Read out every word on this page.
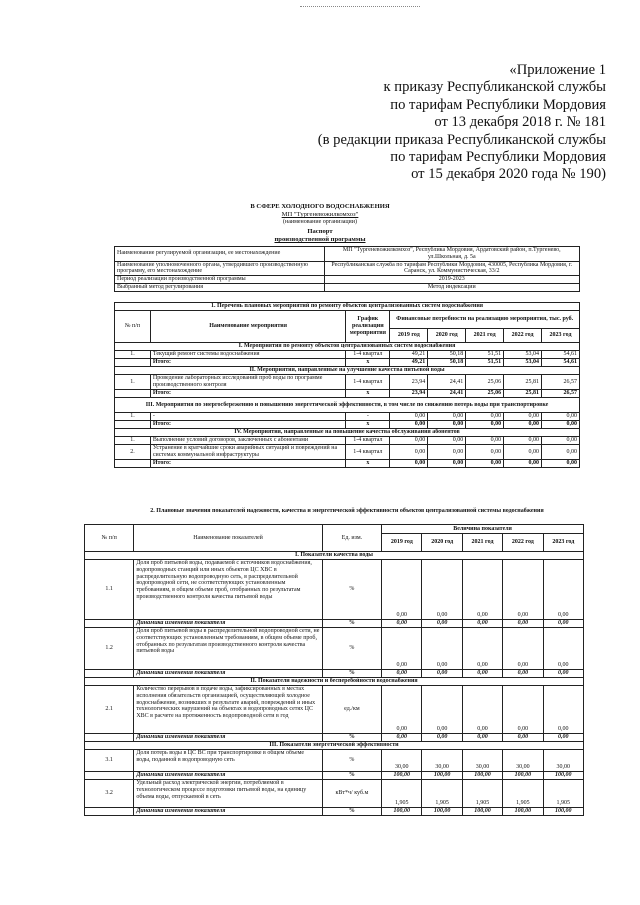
«Приложение 1
к приказу Республиканской службы
по тарифам Республики Мордовия
от 13 декабря 2018 г. № 181
(в редакции приказа Республиканской службы
по тарифам Республики Мордовия
от 15 декабря 2020 года № 190)
В СФЕРЕ ХОЛОДНОГО ВОДОСНАБЖЕНИЯ
МП "Тургеневожилкомхоз"
(наименование организации)
Паспорт
производственной программы
Наименование регулируемой организации, ее местонахождение	МП "Тургеневожилкомхоз", Республика Мордовия, Ардатовский район, п.Тургенево, ул.Школьная, д. 5а
Наименование уполномоченного органа, утвердившего производственную программу, его местонахождение	Республиканская служба по тарифам Республики Мордовия, 430005, Республика Мордовия, г. Саранск, ул. Коммунистическая, 33/2
Период реализации производственной программы	2019-2023
Выбранный метод регулирования	Метод индексации
1. Перечень плановых мероприятий по ремонту объектов централизованных систем водоснабжения							
№ п/п	Наименование мероприятия	График реализации мероприятия	Финансовые потребности на реализацию мероприятия, тыс. руб.				
			2019 год	2020 год	2021 год	2022 год	2023 год
I. Мероприятия по ремонту объектов централизованных систем водоснабжения							
1.	Текущий ремонт системы водоснабжения	1-4 квартал	49,21	50,18	51,51	53,04	54,61
	Итого:	х	49,21	50,18	51,51	53,04	54,61
II. Мероприятия, направленные на улучшение качества питьевой воды							
1.	Проведение лабораторных исследований проб воды по программе производственного контроля	1-4 квартал	23,94	24,41	25,06	25,81	26,57
	Итого:	х	23,94	24,41	25,06	25,81	26,57
III. Мероприятия по энергосбережению и повышению энергетической эффективности, в том числе по снижению потерь воды при транспортировке							
1.	-	-	0,00	0,00	0,00	0,00	0,00
	Итого:	х	0,00	0,00	0,00	0,00	0,00
IV. Мероприятия, направленные на повышение качества обслуживания абонентов							
1.	Выполнение условий договоров, заключенных с абонентами	1-4 квартал	0,00	0,00	0,00	0,00	0,00
2.	Устранение в кратчайшие сроки аварийных ситуаций и повреждений на системах коммунальной инфраструктуры	1-4 квартал	0,00	0,00	0,00	0,00	0,00
	Итого:	х	0,00	0,00	0,00	0,00	0,00
2. Плановые значения показателей надежности, качества и энергетической эффективности объектов централизованной системы водоснабжения
№ п/п	Наименование показателей	Ед. изм.	Величина показателя				
			2019 год	2020 год	2021 год	2022 год	2023 год
I. Показатели качества воды							
1.1	Доля проб питьевой воды, подаваемой с источников водоснабжения, водопроводных станций или иных объектов ЦС ХВС в распределительную водопроводную сеть, в распределительной водопроводной сети, не соответствующих установленным требованиям, в общем объеме проб, отобранных по результатам производственного контроля качества питьевой воды	%	0,00	0,00	0,00	0,00	0,00
	Динамика изменения показателя	%	0,00	0,00	0,00	0,00	0,00
1.2	Доля проб питьевой воды в распределительной водопроводной сети, не соответствующих установленным требованиям, в общем объеме проб, отобранных по результатам производственного контроля качества питьевой воды	%	0,00	0,00	0,00	0,00	0,00
	Динамика изменения показателя	%	0,00	0,00	0,00	0,00	0,00
II. Показатели надежности и бесперебойности водоснабжения							
2.1	Количество перерывов в подаче воды, зафиксированных в местах исполнения обязательств организацией, осуществляющей холодное водоснабжение, возникших в результате аварий, повреждений и иных технологических нарушений на объектах и водопроводных сетях ЦС ХВС в расчете на протяженность водопроводной сети в год	ед./км	0,00	0,00	0,00	0,00	0,00
	Динамика изменения показателя	%	0,00	0,00	0,00	0,00	0,00
III. Показатели энергетической эффективности							
3.1	Доля потерь воды в ЦС ВС при транспортировке в общем объеме воды, поданной в водопроводную сеть	%	30,00	30,00	30,00	30,00	30,00
	Динамика изменения показателя	%	100,00	100,00	100,00	100,00	100,00
3.2	Удельный расход электрической энергии, потребляемой в технологическом процессе подготовки питьевой воды, на единицу объема воды, отпускаемой в сеть	кВт*ч/ куб.м	1,905	1,905	1,905	1,905	1,905
	Динамика изменения показателя	%	100,00	100,00	100,00	100,00	100,00
